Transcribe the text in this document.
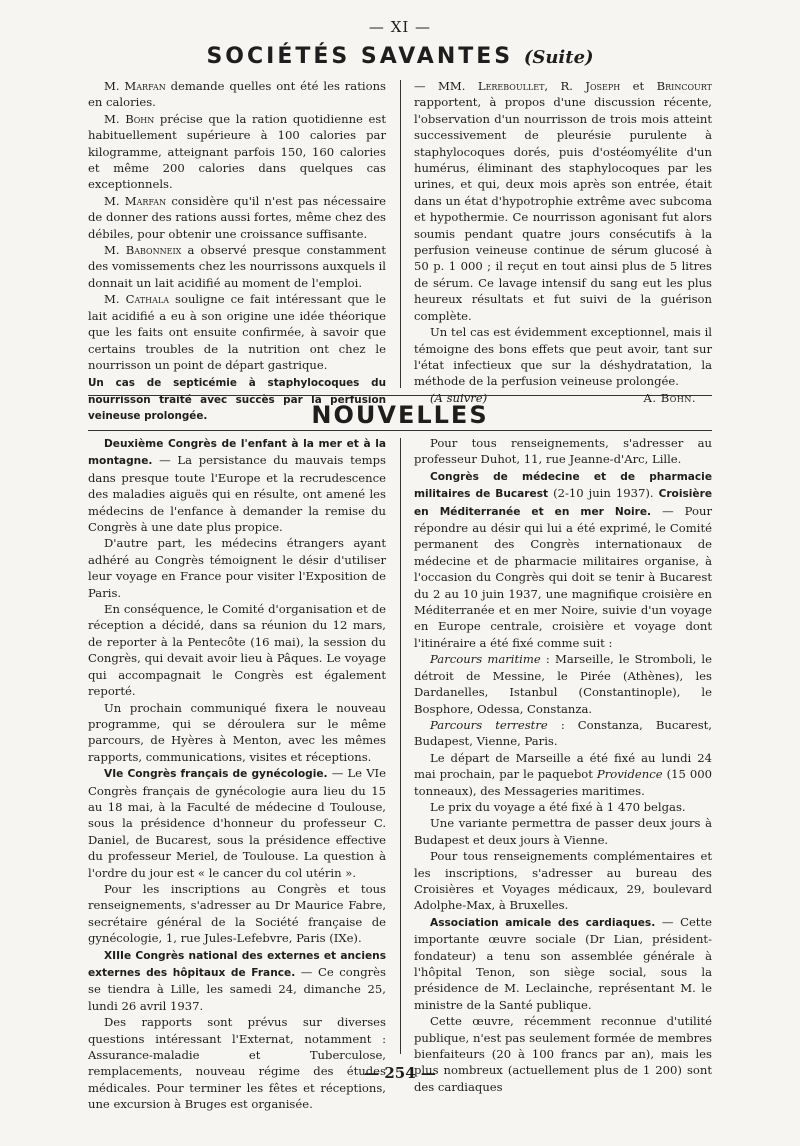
— XI —
SOCIÉTÉS SAVANTES (Suite)

M. Marfan demande quelles ont été les rations en calories.

M. Bohn précise que la ration quotidienne est habituellement supérieure à 100 calories par kilogramme, atteignant parfois 150, 160 calories et même 200 calories dans quelques cas exceptionnels.

M. Marfan considère qu'il n'est pas nécessaire de donner des rations aussi fortes, même chez des débiles, pour obtenir une croissance suffisante.

M. Babonneix a observé presque constamment des vomissements chez les nourrissons auxquels il donnait un lait acidifié au moment de l'emploi.

M. Cathala souligne ce fait intéressant que le lait acidifié a eu à son origine une idée théorique que les faits ont ensuite confirmée, à savoir que certains troubles de la nutrition ont chez le nourrisson un point de départ gastrique.

Un cas de septicémie à staphylocoques du nourrisson traité avec succès par la perfusion veineuse prolongée.

— MM. Lereboullet, R. Joseph et Brincourt rapportent, à propos d'une discussion récente, l'observation d'un nourrisson de trois mois atteint successivement de pleurésie purulente à staphylocoques dorés, puis d'ostéomyélite d'un humérus, éliminant des staphylocoques par les urines, et qui, deux mois après son entrée, était dans un état d'hypotrophie extrême avec subcoma et hypothermie. Ce nourrisson agonisant fut alors soumis pendant quatre jours consécutifs à la perfusion veineuse continue de sérum glucosé à 50 p. 1 000 ; il reçut en tout ainsi plus de 5 litres de sérum. Ce lavage intensif du sang eut les plus heureux résultats et fut suivi de la guérison complète.

Un tel cas est évidemment exceptionnel, mais il témoigne des bons effets que peut avoir, tant sur l'état infectieux que sur la déshydratation, la méthode de la perfusion veineuse prolongée.

(A suivre)	A. Bohn.
NOUVELLES

Deuxième Congrès de l'enfant à la mer et à la montagne. — La persistance du mauvais temps dans presque toute l'Europe et la recrudescence des maladies aiguës qui en résulte, ont amené les médecins de l'enfance à demander la remise du Congrès à une date plus propice.

D'autre part, les médecins étrangers ayant adhéré au Congrès témoignent le désir d'utiliser leur voyage en France pour visiter l'Exposition de Paris.

En conséquence, le Comité d'organisation et de réception a décidé, dans sa réunion du 12 mars, de reporter à la Pentecôte (16 mai), la session du Congrès, qui devait avoir lieu à Pâques. Le voyage qui accompagnait le Congrès est également reporté.

Un prochain communiqué fixera le nouveau programme, qui se déroulera sur le même parcours, de Hyères à Menton, avec les mêmes rapports, communications, visites et réceptions.

VIe Congrès français de gynécologie. — Le VIe Congrès français de gynécologie aura lieu du 15 au 18 mai, à la Faculté de médecine d Toulouse, sous la présidence d'honneur du professeur C. Daniel, de Bucarest, sous la présidence effective du professeur Meriel, de Toulouse. La question à l'ordre du jour est « le cancer du col utérin ».

Pour les inscriptions au Congrès et tous renseignements, s'adresser au Dr Maurice Fabre, secrétaire général de la Société française de gynécologie, 1, rue Jules-Lefebvre, Paris (IXe).

XIIIe Congrès national des externes et anciens externes des hôpitaux de France. — Ce congrès se tiendra à Lille, les samedi 24, dimanche 25, lundi 26 avril 1937.

Des rapports sont prévus sur diverses questions intéressant l'Externat, notamment : Assurance-maladie et Tuberculose, remplacements, nouveau régime des études médicales. Pour terminer les fêtes et réceptions, une excursion à Bruges est organisée.

Pour tous renseignements, s'adresser au professeur Duhot, 11, rue Jeanne-d'Arc, Lille.

Congrès de médecine et de pharmacie militaires de Bucarest (2-10 juin 1937). Croisière en Méditerranée et en mer Noire. — Pour répondre au désir qui lui a été exprimé, le Comité permanent des Congrès internationaux de médecine et de pharmacie militaires organise, à l'occasion du Congrès qui doit se tenir à Bucarest du 2 au 10 juin 1937, une magnifique croisière en Méditerranée et en mer Noire, suivie d'un voyage en Europe centrale, croisière et voyage dont l'itinéraire a été fixé comme suit :

Parcours maritime : Marseille, le Stromboli, le détroit de Messine, le Pirée (Athènes), les Dardanelles, Istanbul (Constantinople), le Bosphore, Odessa, Constanza.

Parcours terrestre : Constanza, Bucarest, Budapest, Vienne, Paris.

Le départ de Marseille a été fixé au lundi 24 mai prochain, par le paquebot Providence (15 000 tonneaux), des Messageries maritimes.

Le prix du voyage a été fixé à 1 470 belgas.

Une variante permettra de passer deux jours à Budapest et deux jours à Vienne.

Pour tous renseignements complémentaires et les inscriptions, s'adresser au bureau des Croisières et Voyages médicaux, 29, boulevard Adolphe-Max, à Bruxelles.

Association amicale des cardiaques. — Cette importante œuvre sociale (Dr Lian, président-fondateur) a tenu son assemblée générale à l'hôpital Tenon, son siège social, sous la présidence de M. Leclainche, représentant M. le ministre de la Santé publique.

Cette œuvre, récemment reconnue d'utilité publique, n'est pas seulement formée de membres bienfaiteurs (20 à 100 francs par an), mais les plus nombreux (actuellement plus de 1 200) sont des cardiaques

— 254 —
